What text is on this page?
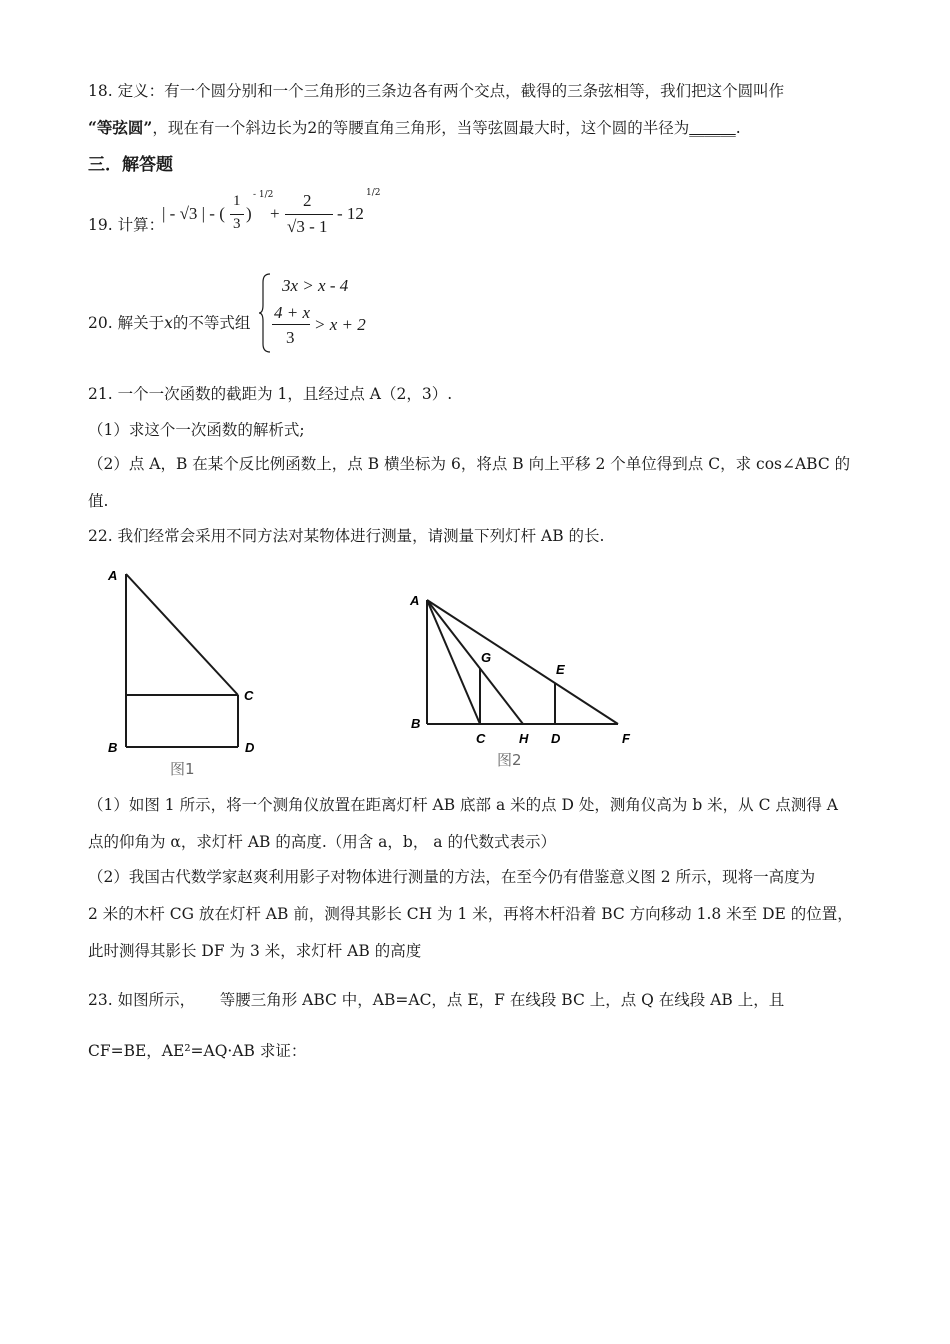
18. 定义：有一个圆分别和一个三角形的三条边各有两个交点，截得的三条弦相等，我们把这个圆叫作
“等弦圆”，现在有一个斜边长为2的等腰直角三角形，当等弦圆最大时，这个圆的半径为______.
三．解答题
19. 计算：
| - √3 | - (
1
3
)
- 1/2
+
2
√3 - 1
- 12
1/2
20. 解关于x的不等式组
3x > x - 4
4 + x
3
> x + 2
21. 一个一次函数的截距为 1，且经过点 A（2，3）.
（1）求这个一次函数的解析式;
（2）点 A，B 在某个反比例函数上，点 B 横坐标为 6，将点 B 向上平移 2 个单位得到点 C，求 cos∠ABC 的
值.
22. 我们经常会采用不同方法对某物体进行测量，请测量下列灯杆 AB 的长.
A
B
C
D
图1
A
B
C	H D	F
G
E
图2
（1）如图 1 所示，将一个测角仪放置在距离灯杆 AB 底部 a 米的点 D 处，测角仪高为 b 米，从 C 点测得 A
点的仰角为 α，求灯杆 AB 的高度.（用含 a，b， a 的代数式表示）
（2）我国古代数学家赵爽利用影子对物体进行测量的方法，在至今仍有借鉴意义图 2 所示，现将一高度为
2 米的木杆 CG 放在灯杆 AB 前，测得其影长 CH 为 1 米，再将木杆沿着 BC 方向移动 1.8 米至 DE 的位置，
此时测得其影长 DF 为 3 米，求灯杆 AB 的高度
23. 如图所示，     等腰三角形 ABC 中，AB=AC，点 E，F 在线段 BC 上，点 Q 在线段 AB 上，且
CF=BE，AE²=AQ·AB 求证：
